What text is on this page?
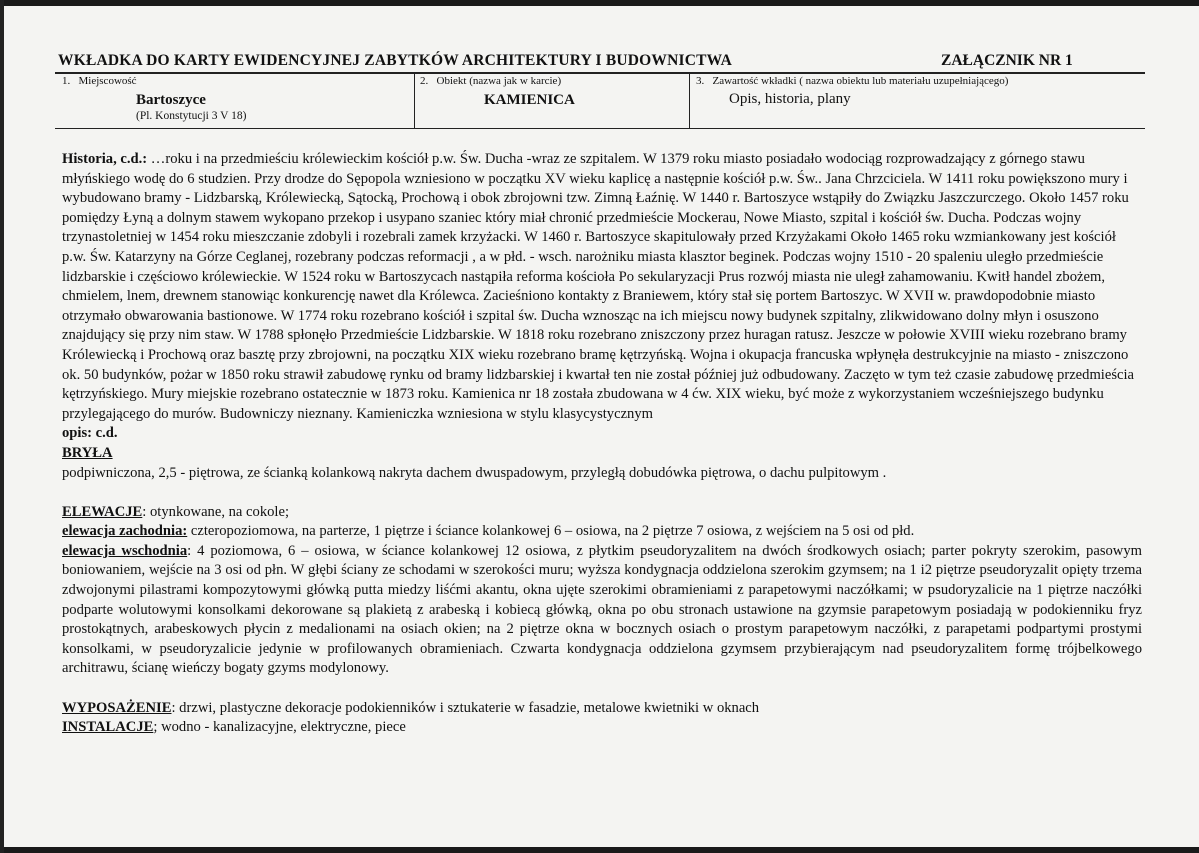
WKŁADKA DO KARTY EWIDENCYJNEJ ZABYTKÓW ARCHITEKTURY I BUDOWNICTWA	ZAŁĄCZNIK NR 1
1.   Miejscowość
Bartoszyce
(Pl. Konstytucji 3 V 18)
2.   Obiekt (nazwa jak w karcie)
KAMIENICA
3.   Zawartość wkładki ( nazwa obiektu lub materiału uzupełniającego)
Opis, historia, plany

Historia, c.d.: …roku i na przedmieściu królewieckim kościół p.w. Św. Ducha -wraz ze szpitalem. W 1379 roku miasto posiadało wodociąg rozprowadzający z górnego stawu młyńskiego wodę do 6 studzien. Przy drodze do Sępopola wzniesiono w początku XV wieku kaplicę a następnie kościół p.w. Św.. Jana Chrzciciela. W 1411 roku powiększono mury i wybudowano bramy - Lidzbarską, Królewiecką, Sątocką, Prochową i obok zbrojowni tzw. Zimną Łaźnię. W 1440 r. Bartoszyce wstąpiły do Związku Jaszczurczego. Około 1457 roku pomiędzy Łyną a dolnym stawem wykopano przekop i usypano szaniec który miał chronić przedmieście Mockerau, Nowe Miasto, szpital i kościół św. Ducha. Podczas wojny trzynastoletniej w 1454 roku mieszczanie zdobyli i rozebrali zamek krzyżacki. W 1460 r. Bartoszyce skapitulowały przed Krzyżakami Około 1465 roku wzmiankowany jest kościół p.w. Św. Katarzyny na Górze Ceglanej, rozebrany podczas reformacji , a w płd. - wsch. narożniku miasta klasztor beginek. Podczas wojny 1510 - 20 spaleniu uległo przedmieście lidzbarskie i częściowo królewieckie. W 1524 roku w Bartoszycach nastąpiła reforma kościoła Po sekularyzacji Prus rozwój miasta nie uległ zahamowaniu. Kwitł handel zbożem, chmielem, lnem, drewnem stanowiąc konkurencję nawet dla Królewca. Zacieśniono kontakty z Braniewem, który stał się portem Bartoszyc. W XVII w. prawdopodobnie miasto otrzymało obwarowania bastionowe. W 1774 roku rozebrano kościół i szpital św. Ducha wznosząc na ich miejscu nowy budynek szpitalny, zlikwidowano dolny młyn i osuszono znajdujący się przy nim staw. W 1788 spłonęło Przedmieście Lidzbarskie. W 1818 roku rozebrano zniszczony przez huragan ratusz. Jeszcze w połowie XVIII wieku rozebrano bramy Królewiecką i Prochową oraz basztę przy zbrojowni, na początku XIX wieku rozebrano bramę kętrzyńską. Wojna i okupacja francuska wpłynęła destrukcyjnie na miasto - zniszczono ok. 50 budynków, pożar w 1850 roku strawił zabudowę rynku od bramy lidzbarskiej i kwartał ten nie został później już odbudowany. Zaczęto w tym też czasie zabudowę przedmieścia kętrzyńskiego. Mury miejskie rozebrano ostatecznie w 1873 roku. Kamienica nr 18 została zbudowana w 4 ćw. XIX wieku, być może z wykorzystaniem wcześniejszego budynku przylegającego do murów. Budowniczy nieznany. Kamieniczka wzniesiona w stylu klasycystycznym

opis: c.d.

BRYŁA

podpiwniczona, 2,5 - piętrowa, ze ścianką kolankową nakryta dachem dwuspadowym, przyległą dobudówka piętrowa, o dachu pulpitowym .

ELEWACJE: otynkowane, na cokole;

elewacja zachodnia: czteropoziomowa, na parterze, 1 piętrze i ściance kolankowej 6 – osiowa, na 2 piętrze 7 osiowa, z wejściem na 5 osi od płd.

elewacja wschodnia: 4 poziomowa, 6 – osiowa, w ściance kolankowej 12 osiowa, z płytkim pseudoryzalitem na dwóch środkowych osiach; parter pokryty szerokim, pasowym boniowaniem, wejście na 3 osi od płn. W głębi ściany ze schodami w szerokości muru; wyższa kondygnacja oddzielona szerokim gzymsem; na 1 i2 piętrze pseudoryzalit opięty trzema zdwojonymi pilastrami kompozytowymi główką putta miedzy liśćmi akantu, okna ujęte szerokimi obramieniami z parapetowymi naczółkami; w psudoryzalicie na 1 piętrze naczółki podparte wolutowymi konsolkami dekorowane są plakietą z arabeską i kobiecą główką, okna po obu stronach ustawione na gzymsie parapetowym posiadają w podokienniku fryz prostokątnych, arabeskowych płycin z medalionami na osiach okien; na 2 piętrze okna w bocznych osiach o prostym parapetowym naczółki, z parapetami podpartymi prostymi konsolkami, w pseudoryzalicie jedynie w profilowanych obramieniach. Czwarta kondygnacja oddzielona gzymsem przybierającym nad pseudoryzalitem formę trójbelkowego architrawu, ścianę wieńczy bogaty gzyms modylonowy.

WYPOSAŻENIE: drzwi, plastyczne dekoracje podokienników i sztukaterie w fasadzie, metalowe kwietniki w oknach

INSTALACJE; wodno - kanalizacyjne, elektryczne, piece
